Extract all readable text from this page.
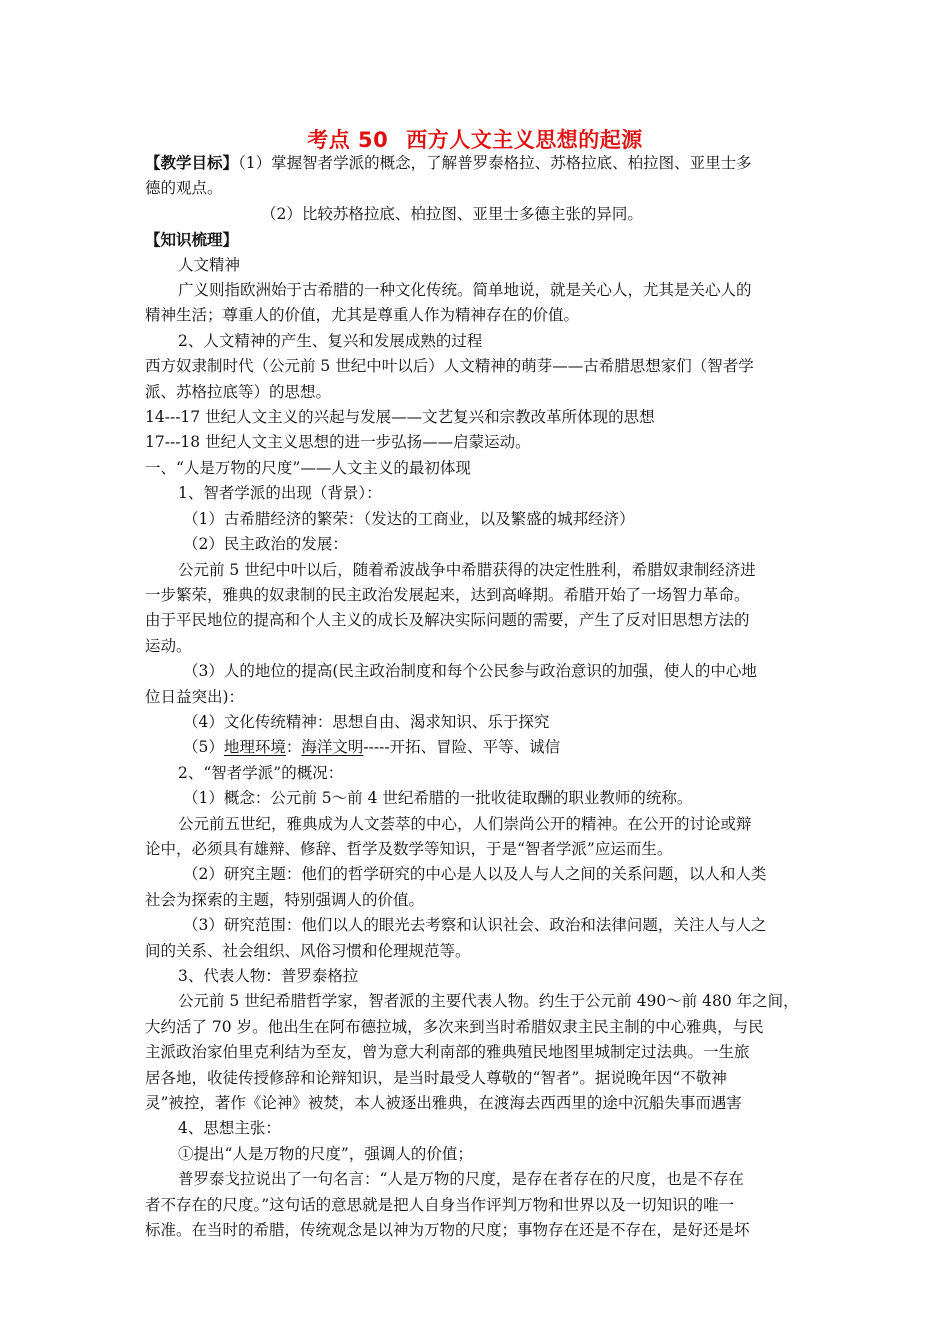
考点 50 西方人文主义思想的起源

【教学目标】（1）掌握智者学派的概念，了解普罗泰格拉、苏格拉底、柏拉图、亚里士多

德的观点。

（2）比较苏格拉底、柏拉图、亚里士多德主张的异同。

【知识梳理】

人文精神

广义则指欧洲始于古希腊的一种文化传统。简单地说，就是关心人，尤其是关心人的

精神生活；尊重人的价值，尤其是尊重人作为精神存在的价值。

2、人文精神的产生、复兴和发展成熟的过程

西方奴隶制时代（公元前 5 世纪中叶以后）人文精神的萌芽——古希腊思想家们（智者学

派、苏格拉底等）的思想。

14---17 世纪人文主义的兴起与发展——文艺复兴和宗教改革所体现的思想

17---18 世纪人文主义思想的进一步弘扬——启蒙运动。

一、“人是万物的尺度”——人文主义的最初体现

1、智者学派的出现（背景）：

（1）古希腊经济的繁荣：（发达的工商业，以及繁盛的城邦经济）

（2）民主政治的发展：

公元前 5 世纪中叶以后，随着希波战争中希腊获得的决定性胜利，希腊奴隶制经济进

一步繁荣，雅典的奴隶制的民主政治发展起来，达到高峰期。希腊开始了一场智力革命。

由于平民地位的提高和个人主义的成长及解决实际问题的需要，产生了反对旧思想方法的

运动。

（3）人的地位的提高(民主政治制度和每个公民参与政治意识的加强，使人的中心地

位日益突出)：

（4）文化传统精神：思想自由、渴求知识、乐于探究

（5）地理环境：海洋文明-----开拓、冒险、平等、诚信

2、“智者学派”的概况：

（1）概念：公元前 5～前 4 世纪希腊的一批收徒取酬的职业教师的统称。

公元前五世纪，雅典成为人文荟萃的中心，人们崇尚公开的精神。在公开的讨论或辩

论中，必须具有雄辩、修辞、哲学及数学等知识，于是“智者学派”应运而生。

（2）研究主题：他们的哲学研究的中心是人以及人与人之间的关系问题，以人和人类

社会为探索的主题，特别强调人的价值。

（3）研究范围：他们以人的眼光去考察和认识社会、政治和法律问题，关注人与人之

间的关系、社会组织、风俗习惯和伦理规范等。

3、代表人物：普罗泰格拉

公元前 5 世纪希腊哲学家，智者派的主要代表人物。约生于公元前 490～前 480 年之间，

大约活了 70 岁。他出生在阿布德拉城，多次来到当时希腊奴隶主民主制的中心雅典，与民

主派政治家伯里克利结为至友，曾为意大利南部的雅典殖民地图里城制定过法典。一生旅

居各地，收徒传授修辞和论辩知识，是当时最受人尊敬的“智者”。据说晚年因“不敬神

灵”被控，著作《论神》被焚，本人被逐出雅典，在渡海去西西里的途中沉船失事而遇害

4、思想主张：

①提出“人是万物的尺度”，强调人的价值；

普罗泰戈拉说出了一句名言：“人是万物的尺度，是存在者存在的尺度，也是不存在

者不存在的尺度。”这句话的意思就是把人自身当作评判万物和世界以及一切知识的唯一

标准。在当时的希腊，传统观念是以神为万物的尺度；事物存在还是不存在，是好还是坏
